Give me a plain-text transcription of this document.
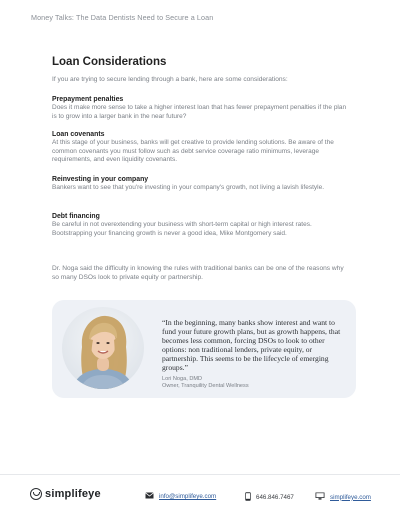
Money Talks: The Data Dentists Need to Secure a Loan
Loan Considerations
If you are trying to secure lending through a bank, here are some considerations:
Prepayment penalties

Does it make more sense to take a higher interest loan that has fewer prepayment penalties if the plan is to grow into a larger bank in the near future?

Loan covenants

At this stage of your business, banks will get creative to provide lending solutions. Be aware of the common covenants you must follow such as debt service coverage ratio minimums, leverage requirements, and even liquidity covenants.

Reinvesting in your company

Bankers want to see that you're investing in your company's growth, not living a lavish lifestyle.

Debt financing

Be careful in not overextending your business with short-term capital or high interest rates. Bootstrapping your financing growth is never a good idea, Mike Montgomery said.

Dr. Noga said the difficulty in knowing the rules with traditional banks can be one of the reasons why so many DSOs look to private equity or partnership.
“In the beginning, many banks show interest and want to fund your future growth plans, but as growth happens, that becomes less common, forcing DSOs to look to other options: non traditional lenders, private equity, or partnership. This seems to be the lifecycle of emerging groups.”
Lori Noga, DMD
Owner, Tranquility Dental Wellness
simplifeye	info@simplifeye.com	646.846.7467	simplifeye.com
